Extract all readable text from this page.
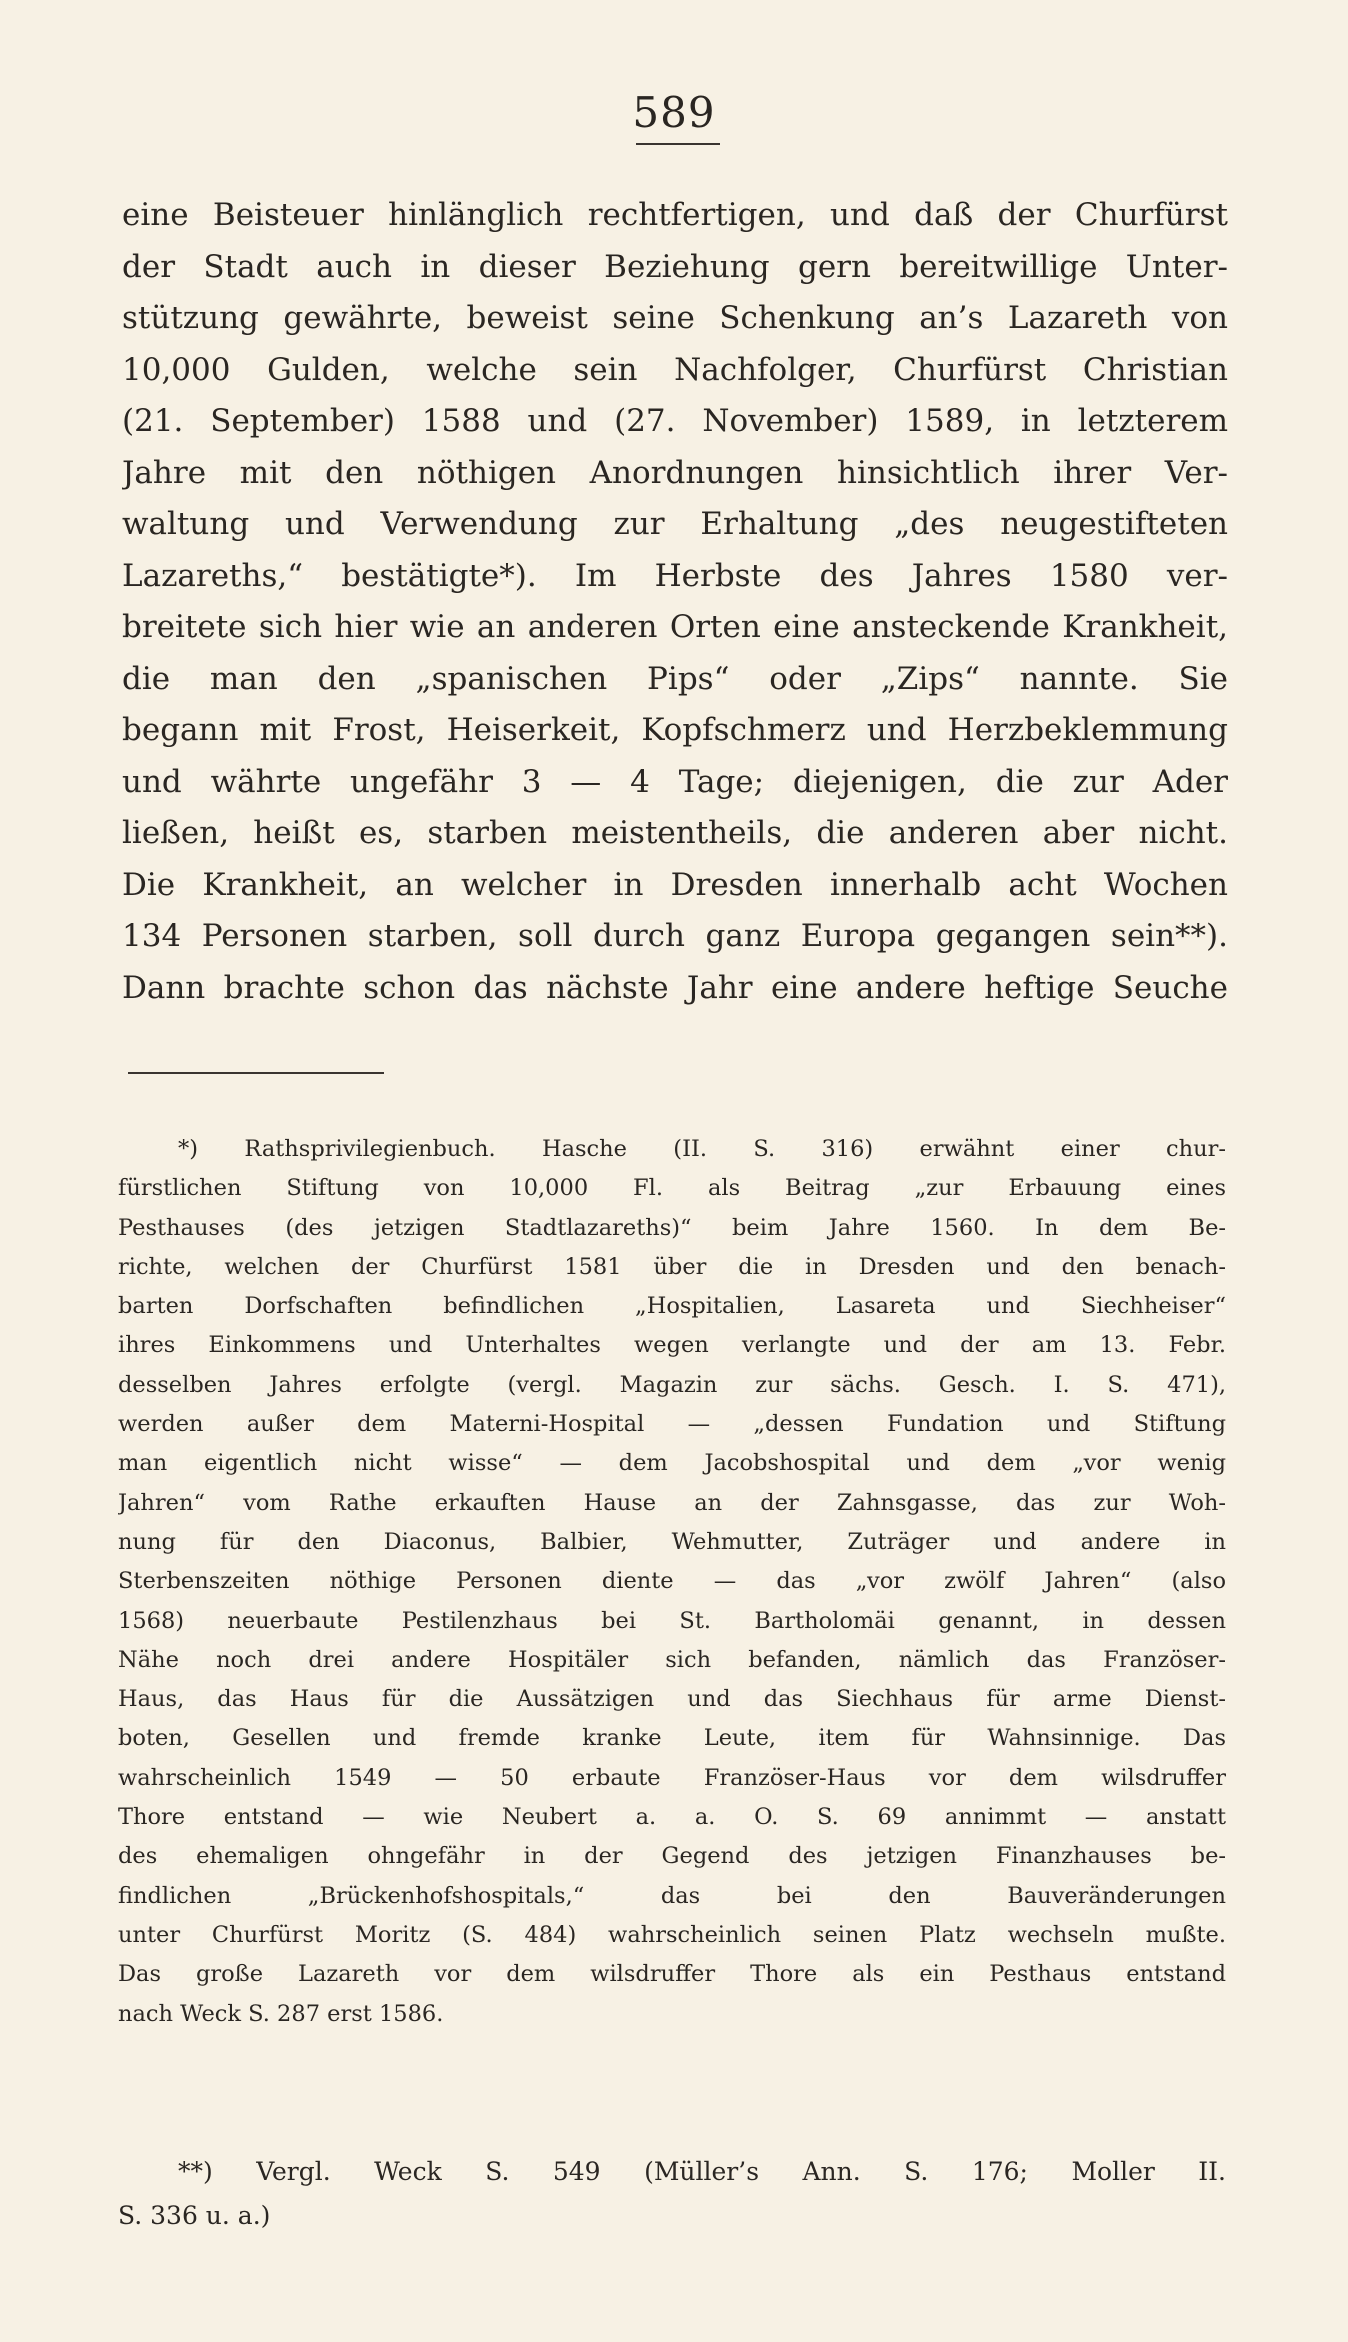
589
eine Beisteuer hinlänglich rechtfertigen, und daß der Churfürst
der Stadt auch in dieser Beziehung gern bereitwillige Unter-
stützung gewährte, beweist seine Schenkung an’s Lazareth von
10,000 Gulden, welche sein Nachfolger, Churfürst Christian
(21. September) 1588 und (27. November) 1589, in letzterem
Jahre mit den nöthigen Anordnungen hinsichtlich ihrer Ver-
waltung und Verwendung zur Erhaltung „des neugestifteten
Lazareths,“ bestätigte*). Im Herbste des Jahres 1580 ver-
breitete sich hier wie an anderen Orten eine ansteckende Krankheit,
die man den „spanischen Pips“ oder „Zips“ nannte. Sie
begann mit Frost, Heiserkeit, Kopfschmerz und Herzbeklemmung
und währte ungefähr 3 — 4 Tage; diejenigen, die zur Ader
ließen, heißt es, starben meistentheils, die anderen aber nicht.
Die Krankheit, an welcher in Dresden innerhalb acht Wochen
134 Personen starben, soll durch ganz Europa gegangen sein**).
Dann brachte schon das nächste Jahr eine andere heftige Seuche
*) Rathsprivilegienbuch. Hasche (II. S. 316) erwähnt einer chur-
fürstlichen Stiftung von 10,000 Fl. als Beitrag „zur Erbauung eines
Pesthauses (des jetzigen Stadtlazareths)“ beim Jahre 1560. In dem Be-
richte, welchen der Churfürst 1581 über die in Dresden und den benach-
barten Dorfschaften befindlichen „Hospitalien, Lasareta und Siechheiser“
ihres Einkommens und Unterhaltes wegen verlangte und der am 13. Febr.
desselben Jahres erfolgte (vergl. Magazin zur sächs. Gesch. I. S. 471),
werden außer dem Materni-Hospital — „dessen Fundation und Stiftung
man eigentlich nicht wisse“ — dem Jacobshospital und dem „vor wenig
Jahren“ vom Rathe erkauften Hause an der Zahnsgasse, das zur Woh-
nung für den Diaconus, Balbier, Wehmutter, Zuträger und andere in
Sterbenszeiten nöthige Personen diente — das „vor zwölf Jahren“ (also
1568) neuerbaute Pestilenzhaus bei St. Bartholomäi genannt, in dessen
Nähe noch drei andere Hospitäler sich befanden, nämlich das Französer-
Haus, das Haus für die Aussätzigen und das Siechhaus für arme Dienst-
boten, Gesellen und fremde kranke Leute, item für Wahnsinnige. Das
wahrscheinlich 1549 — 50 erbaute Französer-Haus vor dem wilsdruffer
Thore entstand — wie Neubert a. a. O. S. 69 annimmt — anstatt
des ehemaligen ohngefähr in der Gegend des jetzigen Finanzhauses be-
findlichen „Brückenhofshospitals,“ das bei den Bauveränderungen
unter Churfürst Moritz (S. 484) wahrscheinlich seinen Platz wechseln mußte.
Das große Lazareth vor dem wilsdruffer Thore als ein Pesthaus entstand
nach Weck S. 287 erst 1586.
**) Vergl. Weck S. 549 (Müller’s Ann. S. 176; Moller II.
S. 336 u. a.)
